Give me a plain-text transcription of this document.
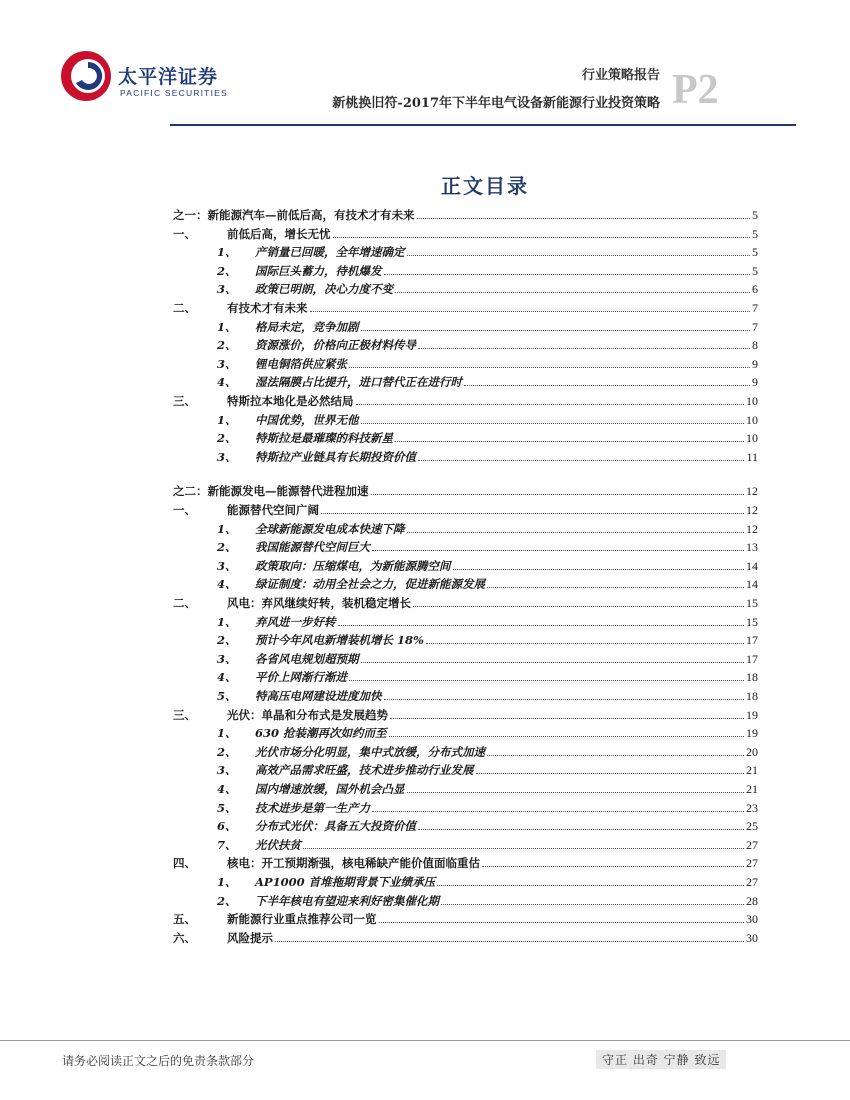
太平洋证券
PACIFIC SECURITIES
行业策略报告
新桃换旧符-2017年下半年电气设备新能源行业投资策略 P2
正文目录
之一：新能源汽车—前低后高，有技术才有未来	5
一、	前低后高，增长无忧	5
1、	产销量已回暖，全年增速确定	5
2、	国际巨头蓄力，待机爆发	5
3、	政策已明朗，决心力度不变	6
二、	有技术才有未来	7
1、	格局未定，竞争加剧	7
2、	资源涨价，价格向正极材料传导	8
3、	锂电铜箔供应紧张	9
4、	湿法隔膜占比提升，进口替代正在进行时	9
三、	特斯拉本地化是必然结局	10
1、	中国优势，世界无他	10
2、	特斯拉是最璀璨的科技新星	10
3、	特斯拉产业链具有长期投资价值	11
之二：新能源发电—能源替代进程加速	12
一、	能源替代空间广阔	12
1、	全球新能源发电成本快速下降	12
2、	我国能源替代空间巨大	13
3、	政策取向：压缩煤电，为新能源腾空间	14
4、	绿证制度：动用全社会之力，促进新能源发展	14
二、	风电：弃风继续好转，装机稳定增长	15
1、	弃风进一步好转	15
2、	预计今年风电新增装机增长 18%	17
3、	各省风电规划超预期	17
4、	平价上网渐行渐进	18
5、	特高压电网建设进度加快	18
三、	光伏：单晶和分布式是发展趋势	19
1、	630 抢装潮再次如约而至	19
2、	光伏市场分化明显，集中式放缓，分布式加速	20
3、	高效产品需求旺盛，技术进步推动行业发展	21
4、	国内增速放缓，国外机会凸显	21
5、	技术进步是第一生产力	23
6、	分布式光伏：具备五大投资价值	25
7、	光伏扶贫	27
四、	核电：开工预期渐强，核电稀缺产能价值面临重估	27
1、	AP1000 首堆拖期背景下业绩承压	27
2、	下半年核电有望迎来利好密集催化期	28
五、	新能源行业重点推荐公司一览	30
六、	风险提示	30
请务必阅读正文之后的免责条款部分	守正 出奇 宁静 致远
